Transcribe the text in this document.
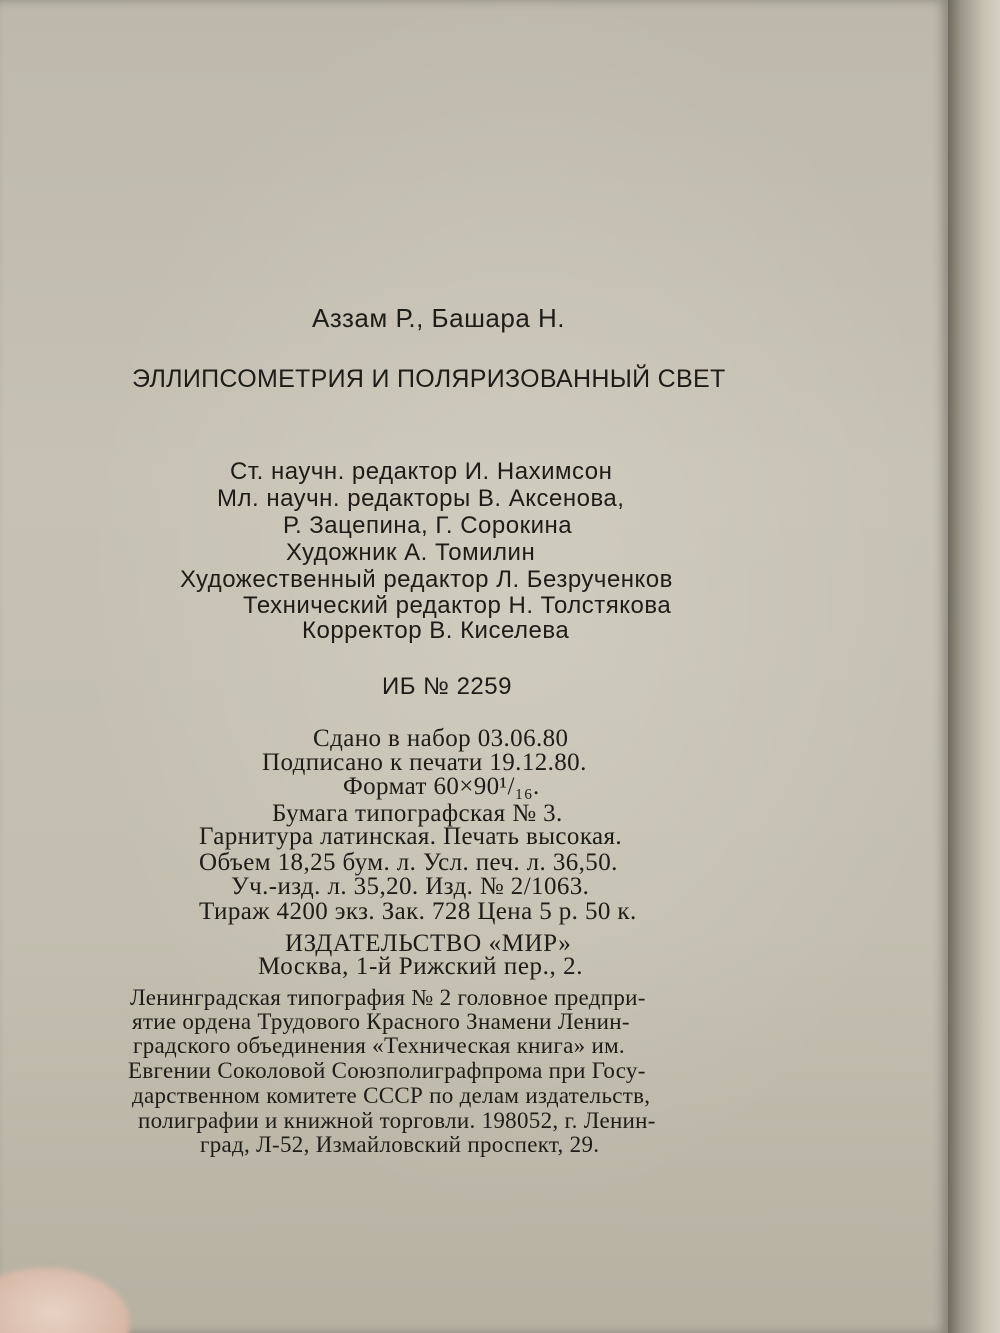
Аззам Р., Башара Н.

ЭЛЛИПСОМЕТРИЯ И ПОЛЯРИЗОВАННЫЙ СВЕТ

Ст. научн. редактор И. Нахимсон

Мл. научн. редакторы В. Аксенова,

Р. Зацепина, Г. Сорокина

Художник А. Томилин

Художественный редактор Л. Безрученков

Технический редактор Н. Толстякова

Корректор В. Киселева

ИБ № 2259

Сдано в набор 03.06.80

Подписано к печати 19.12.80.

Формат 60×90¹/₁₆.

Бумага типографская № 3.

Гарнитура латинская. Печать высокая.

Объем 18,25 бум. л. Усл. печ. л. 36,50.

Уч.-изд. л. 35,20. Изд. № 2/1063.

Тираж 4200 экз. Зак. 728 Цена 5 р. 50 к.

ИЗДАТЕЛЬСТВО «МИР»

Москва, 1-й Рижский пер., 2.

Ленинградская типография № 2 головное предпри-

ятие ордена Трудового Красного Знамени Ленин-

градского объединения «Техническая книга» им.

Евгении Соколовой Союзполиграфпрома при Госу-

дарственном комитете СССР по делам издательств,

полиграфии и книжной торговли. 198052, г. Ленин-

град, Л-52, Измайловский проспект, 29.
